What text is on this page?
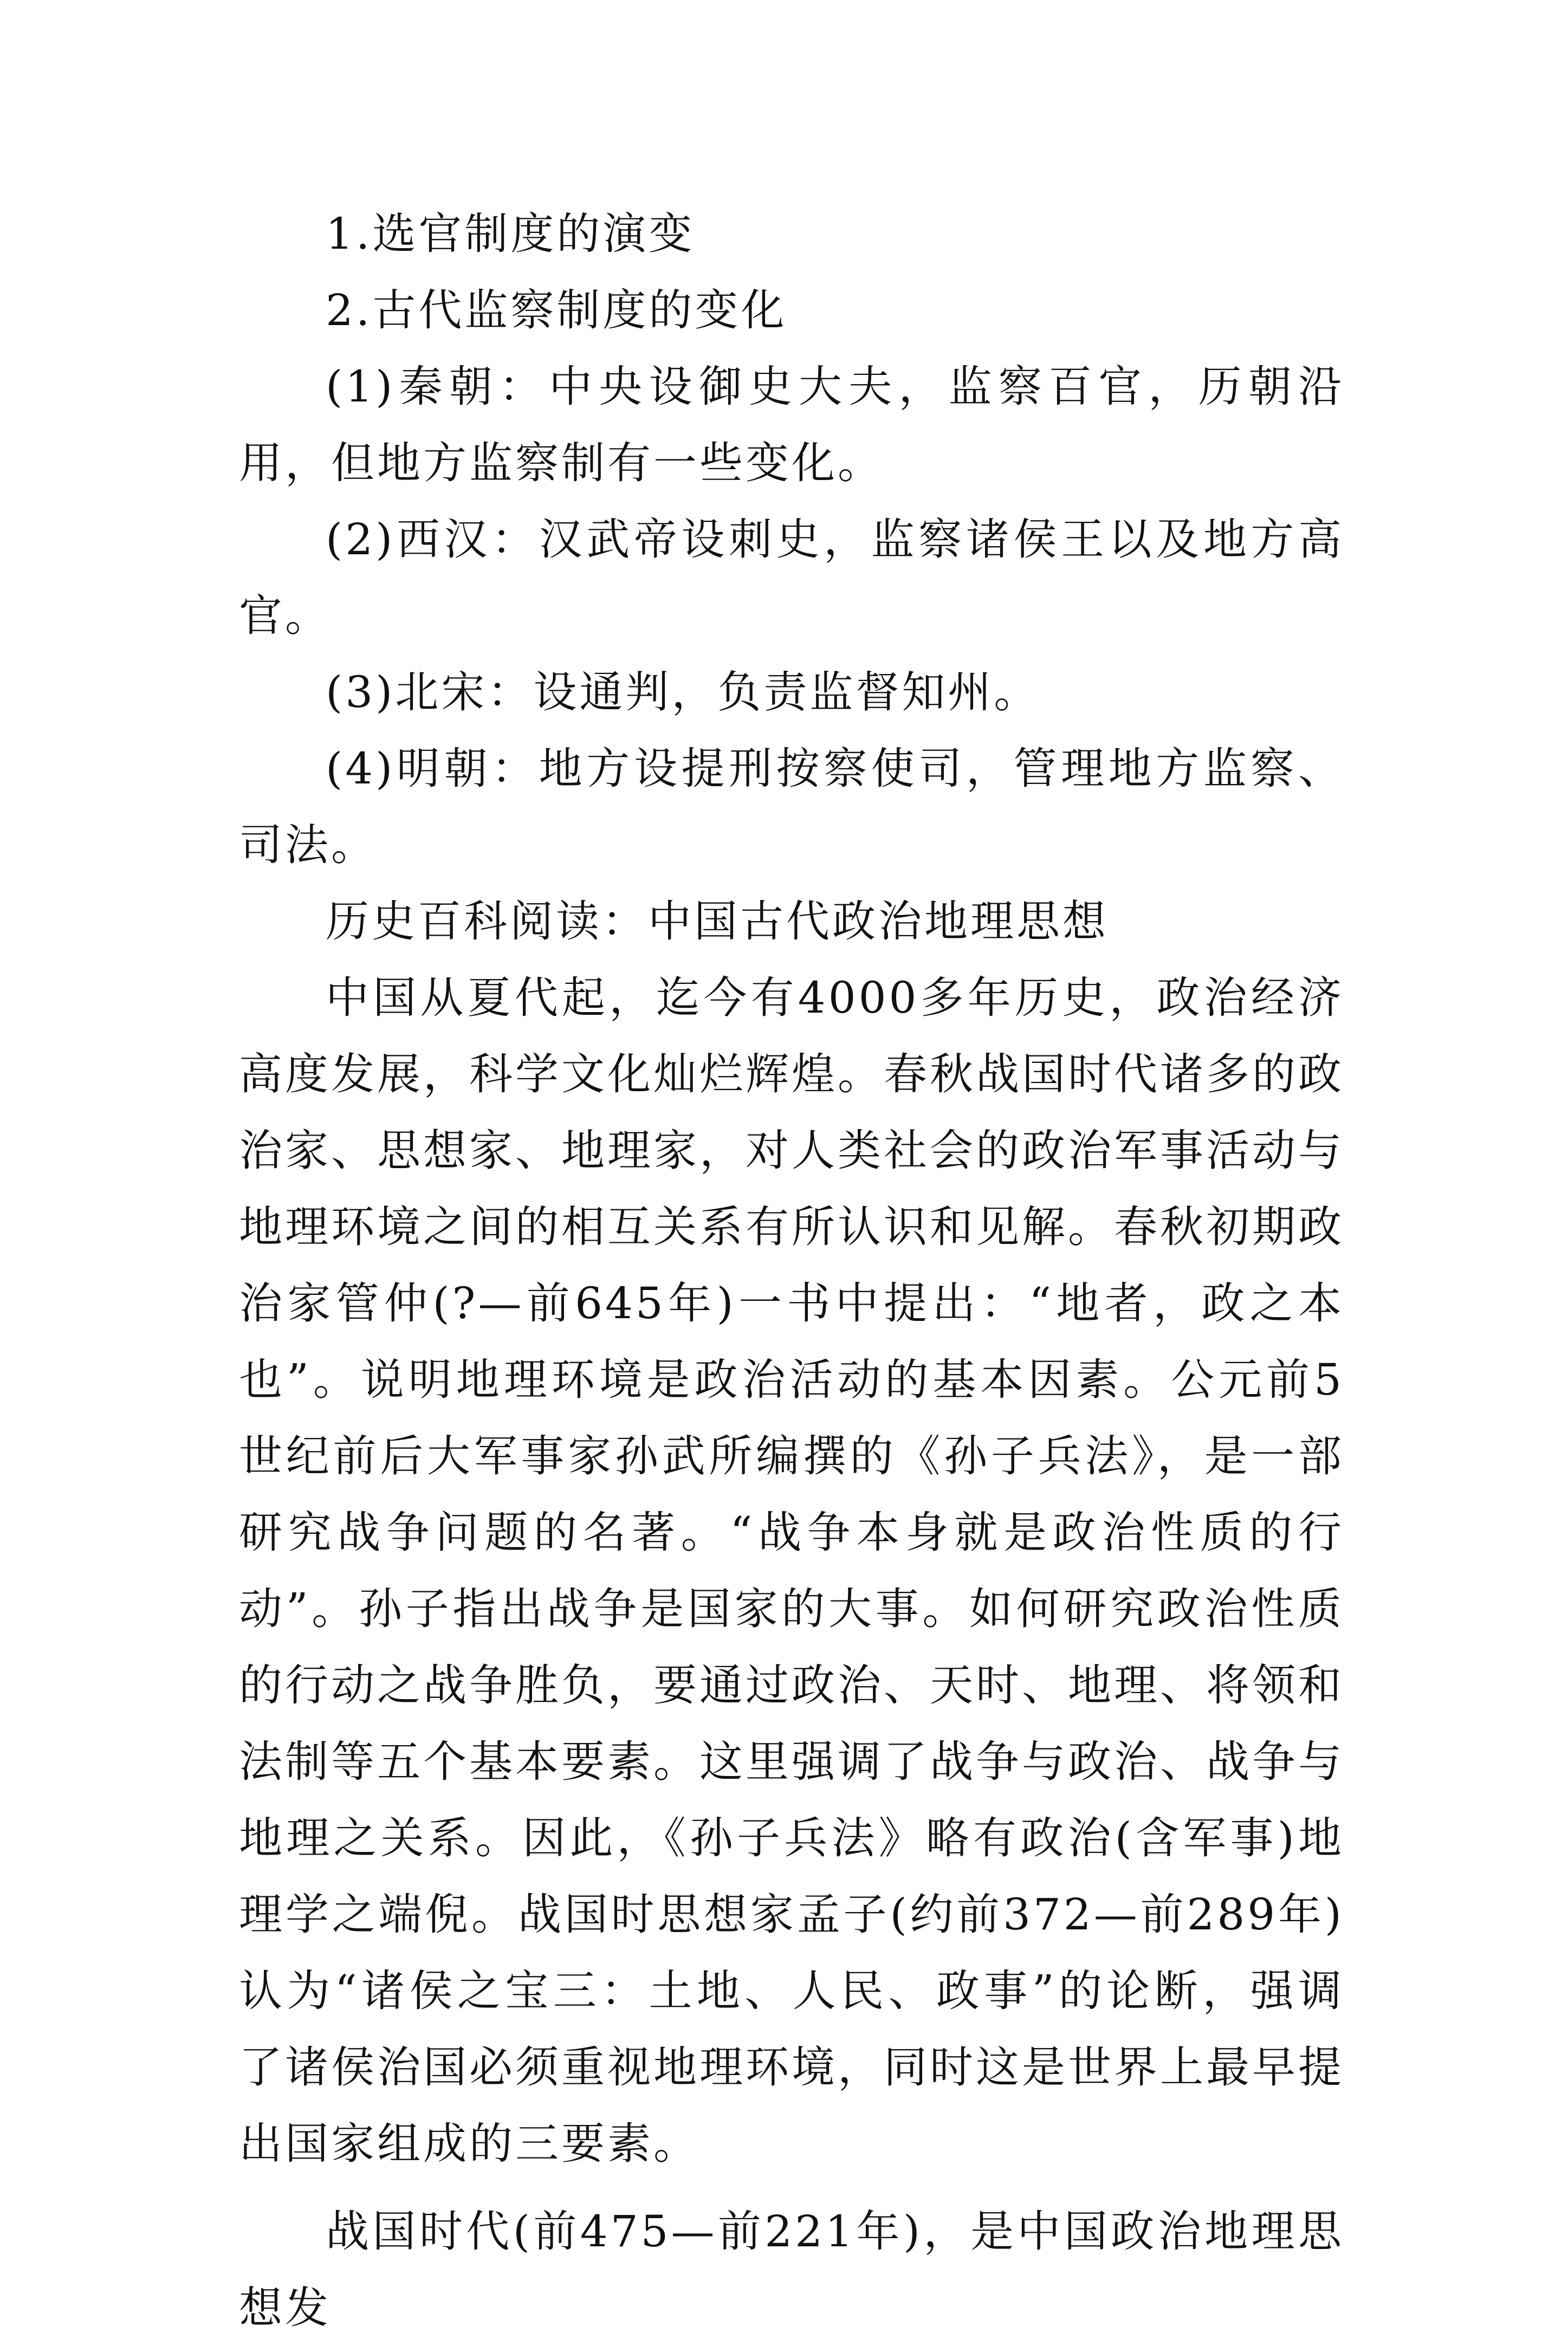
1.选官制度的演变

2.古代监察制度的变化

(1)秦朝：中央设御史大夫，监察百官，历朝沿用，但地方监察制有一些变化。

(2)西汉：汉武帝设刺史，监察诸侯王以及地方高官。

(3)北宋：设通判，负责监督知州。

(4)明朝：地方设提刑按察使司，管理地方监察、司法。

历史百科阅读：中国古代政治地理思想

中国从夏代起，迄今有4000多年历史，政治经济高度发展，科学文化灿烂辉煌。春秋战国时代诸多的政治家、思想家、地理家，对人类社会的政治军事活动与地理环境之间的相互关系有所认识和见解。春秋初期政治家管仲(?—前645年)一书中提出：“地者，政之本也”。说明地理环境是政治活动的基本因素。公元前5世纪前后大军事家孙武所编撰的《孙子兵法》，是一部研究战争问题的名著。“战争本身就是政治性质的行动”。孙子指出战争是国家的大事。如何研究政治性质的行动之战争胜负，要通过政治、天时、地理、将领和法制等五个基本要素。这里强调了战争与政治、战争与地理之关系。因此，《孙子兵法》略有政治(含军事)地理学之端倪。战国时思想家孟子(约前372—前289年)认为“诸侯之宝三：土地、人民、政事”的论断，强调了诸侯治国必须重视地理环境，同时这是世界上最早提出国家组成的三要素。

战国时代(前475—前221年)，是中国政治地理思想发
